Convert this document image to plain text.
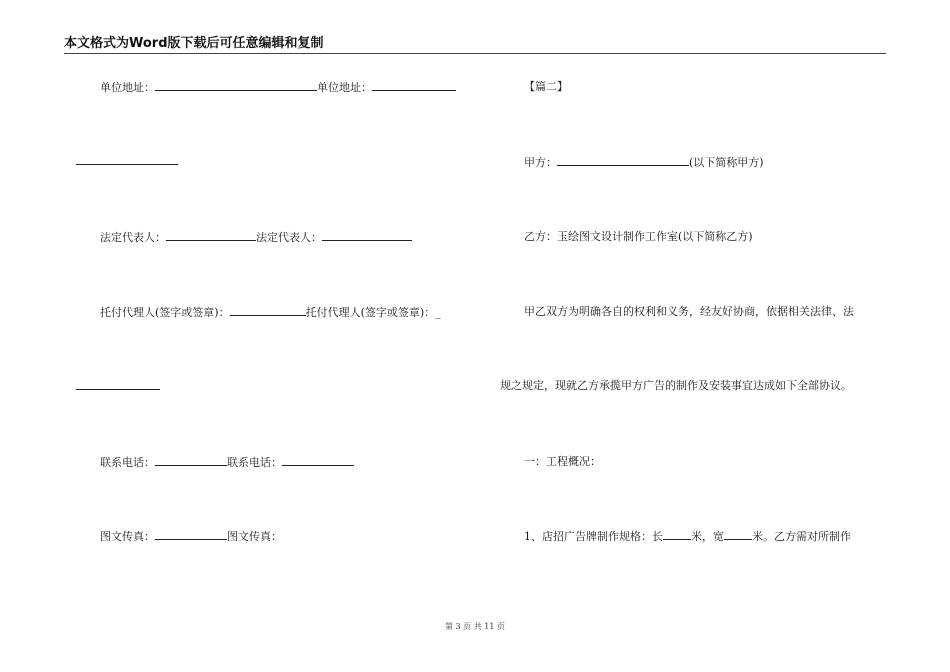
本文格式为Word版下载后可任意编辑和复制
单位地址：	单位地址：
法定代表人：	法定代表人：
托付代理人(签字或签章)：	托付代理人(签字或签章)：_
联系电话：	联系电话：
图文传真：	图文传真：
【篇二】
甲方：	(以下简称甲方)
乙方：玉绘图文设计制作工作室(以下简称乙方)
甲乙双方为明确各自的权利和义务，经友好协商，依据相关法律、法
规之规定，现就乙方承揽甲方广告的制作及安装事宜达成如下全部协议。
一：工程概况：
1、店招广告牌制作规格：长	米，宽	米。乙方需对所制作
第 3 页 共 11 页
